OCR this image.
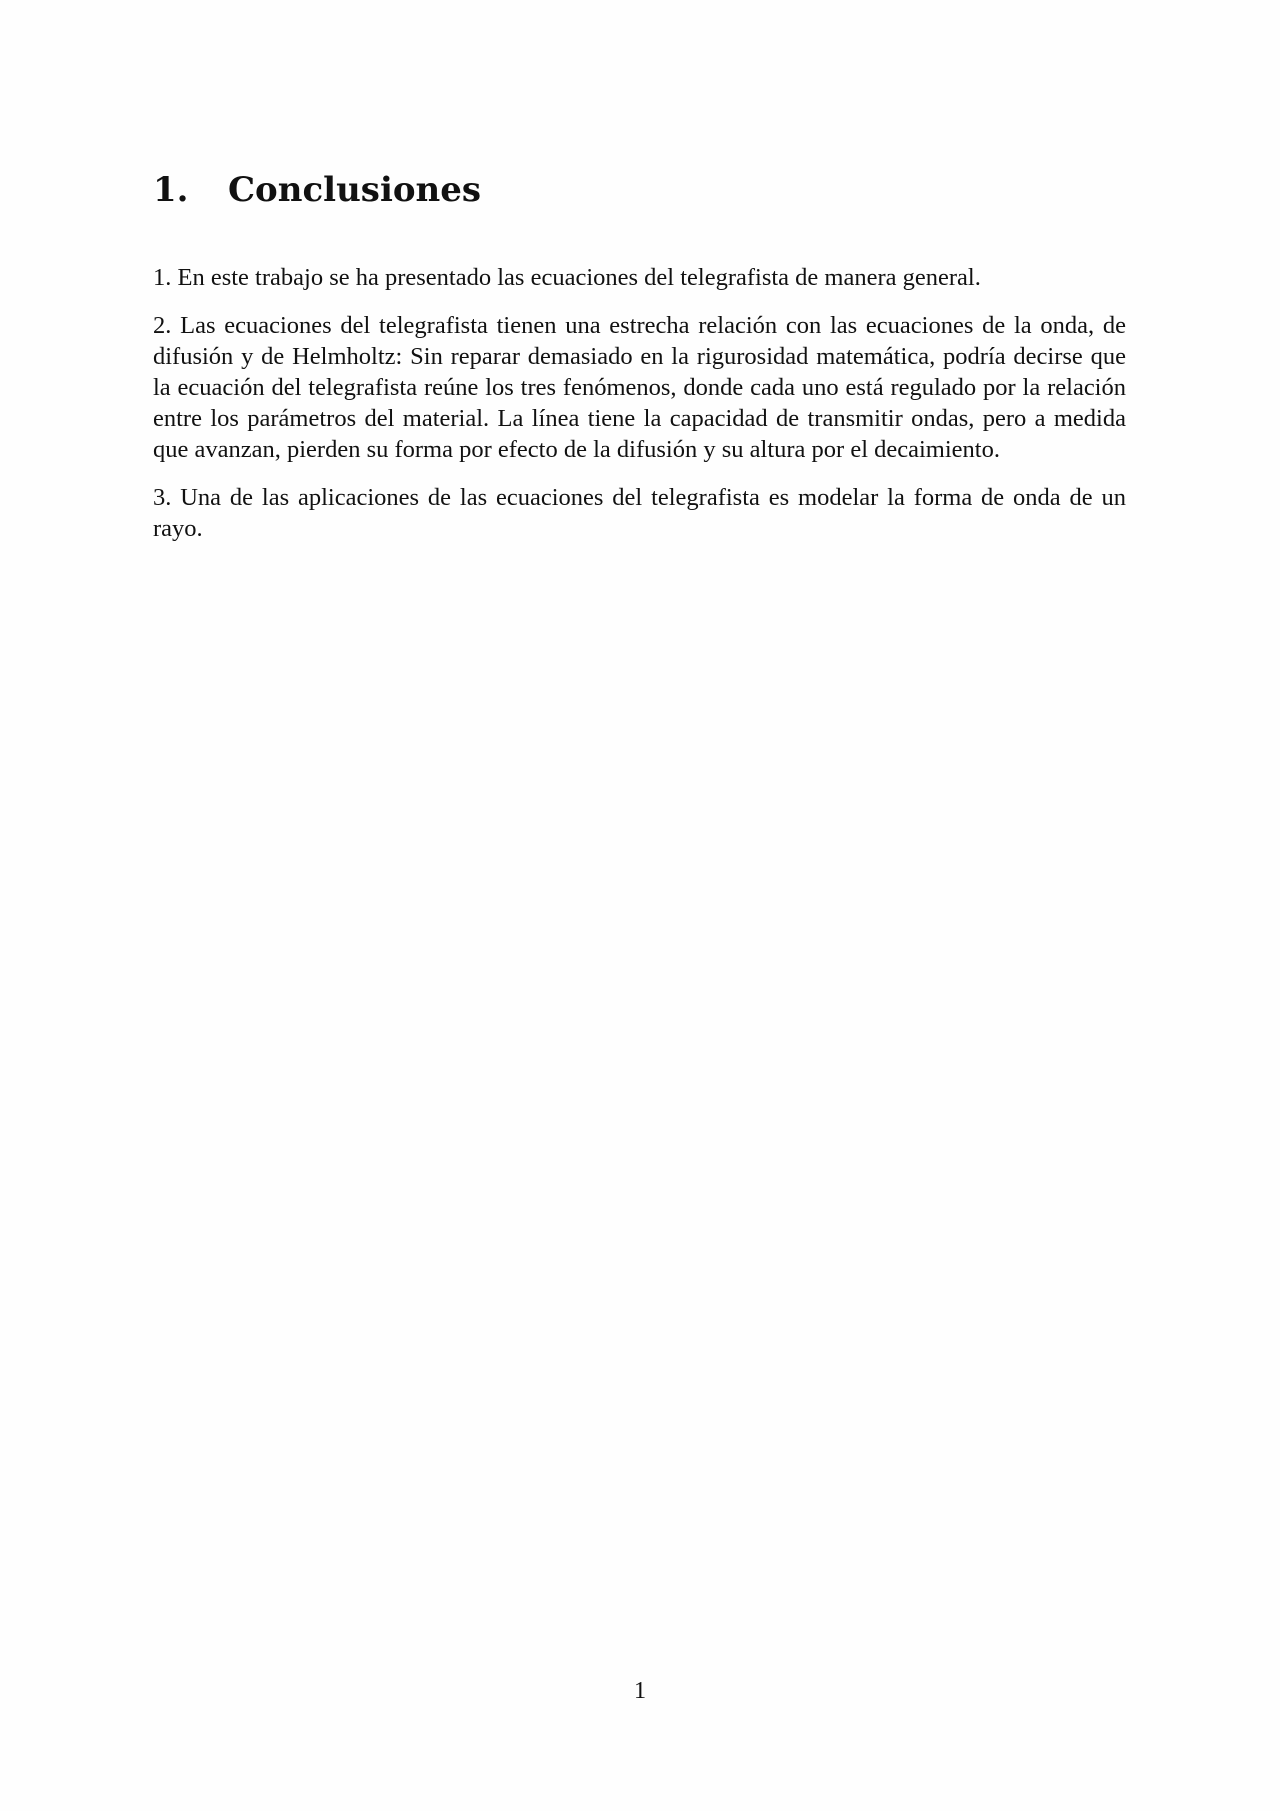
1. Conclusiones

1. En este trabajo se ha presentado las ecuaciones del telegrafista de manera general.

2. Las ecuaciones del telegrafista tienen una estrecha relación con las ecuaciones de la onda, de difusión y de Helmholtz: Sin reparar demasiado en la rigurosidad matemática, podría decirse que la ecuación del telegrafista reúne los tres fenómenos, donde cada uno está regulado por la relación entre los parámetros del material. La línea tiene la capacidad de transmitir ondas, pero a medida que avanzan, pierden su forma por efecto de la difusión y su altura por el decaimiento.

3. Una de las aplicaciones de las ecuaciones del telegrafista es modelar la forma de onda de un rayo.

1
